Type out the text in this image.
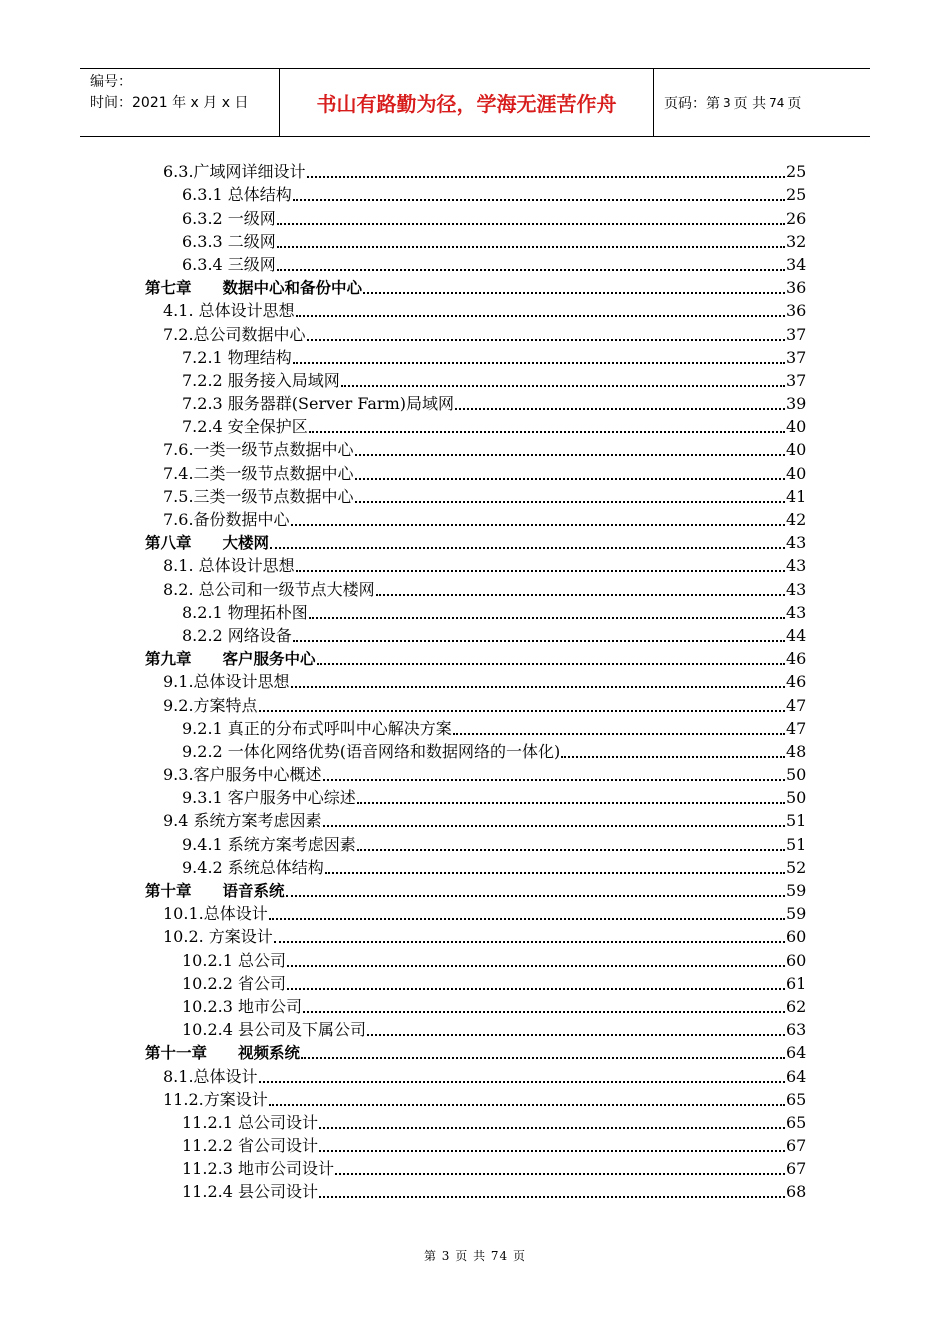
编号：
时间：2021 年 x 月 x 日	书山有路勤为径，学海无涯苦作舟	页码：第 3 页 共 74 页
6.3.广域网详细设计	25
6.3.1 总体结构	25
6.3.2 一级网	26
6.3.3 二级网	32
6.3.4 三级网	34
第七章　　数据中心和备份中心	36
4.1. 总体设计思想	36
7.2.总公司数据中心	37
7.2.1 物理结构	37
7.2.2 服务接入局域网	37
7.2.3 服务器群(Server Farm)局域网	39
7.2.4 安全保护区	40
7.6.一类一级节点数据中心	40
7.4.二类一级节点数据中心	40
7.5.三类一级节点数据中心	41
7.6.备份数据中心	42
第八章　　大楼网	43
8.1. 总体设计思想	43
8.2. 总公司和一级节点大楼网	43
8.2.1 物理拓朴图	43
8.2.2 网络设备	44
第九章　　客户服务中心	46
9.1.总体设计思想	46
9.2.方案特点	47
9.2.1 真正的分布式呼叫中心解决方案	47
9.2.2 一体化网络优势(语音网络和数据网络的一体化)	48
9.3.客户服务中心概述	50
9.3.1 客户服务中心综述	50
9.4 系统方案考虑因素	51
9.4.1 系统方案考虑因素	51
9.4.2 系统总体结构	52
第十章　　语音系统	59
10.1.总体设计	59
10.2. 方案设计	60
10.2.1 总公司	60
10.2.2 省公司	61
10.2.3 地市公司	62
10.2.4 县公司及下属公司	63
第十一章　　视频系统	64
8.1.总体设计	64
11.2.方案设计	65
11.2.1 总公司设计	65
11.2.2 省公司设计	67
11.2.3 地市公司设计	67
11.2.4 县公司设计	68
第 3 页 共 74 页
